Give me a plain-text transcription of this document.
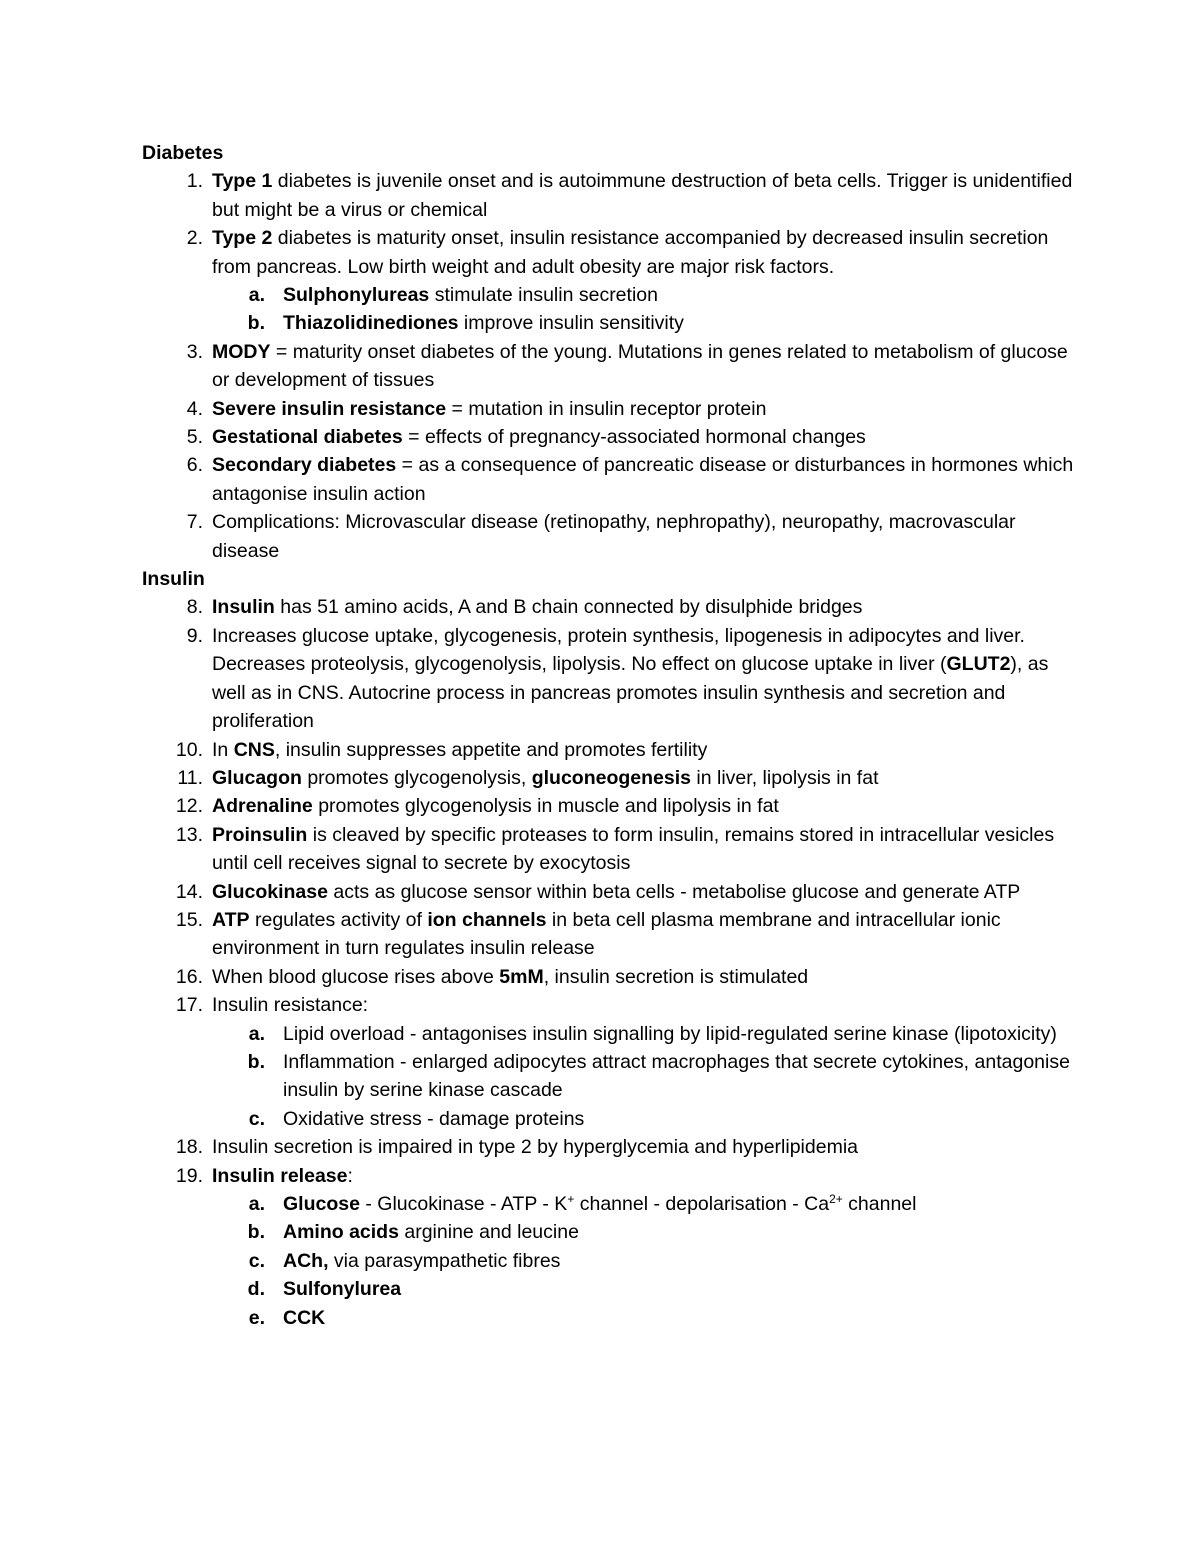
Diabetes
1. Type 1 diabetes is juvenile onset and is autoimmune destruction of beta cells. Trigger is unidentified but might be a virus or chemical
2. Type 2 diabetes is maturity onset, insulin resistance accompanied by decreased insulin secretion from pancreas. Low birth weight and adult obesity are major risk factors.
a. Sulphonylureas stimulate insulin secretion
b. Thiazolidinediones improve insulin sensitivity
3. MODY = maturity onset diabetes of the young. Mutations in genes related to metabolism of glucose or development of tissues
4. Severe insulin resistance = mutation in insulin receptor protein
5. Gestational diabetes = effects of pregnancy-associated hormonal changes
6. Secondary diabetes = as a consequence of pancreatic disease or disturbances in hormones which antagonise insulin action
7. Complications: Microvascular disease (retinopathy, nephropathy), neuropathy, macrovascular disease
Insulin
8. Insulin has 51 amino acids, A and B chain connected by disulphide bridges
9. Increases glucose uptake, glycogenesis, protein synthesis, lipogenesis in adipocytes and liver. Decreases proteolysis, glycogenolysis, lipolysis. No effect on glucose uptake in liver (GLUT2), as well as in CNS. Autocrine process in pancreas promotes insulin synthesis and secretion and proliferation
10. In CNS, insulin suppresses appetite and promotes fertility
11. Glucagon promotes glycogenolysis, gluconeogenesis in liver, lipolysis in fat
12. Adrenaline promotes glycogenolysis in muscle and lipolysis in fat
13. Proinsulin is cleaved by specific proteases to form insulin, remains stored in intracellular vesicles until cell receives signal to secrete by exocytosis
14. Glucokinase acts as glucose sensor within beta cells - metabolise glucose and generate ATP
15. ATP regulates activity of ion channels in beta cell plasma membrane and intracellular ionic environment in turn regulates insulin release
16. When blood glucose rises above 5mM, insulin secretion is stimulated
17. Insulin resistance:
a. Lipid overload - antagonises insulin signalling by lipid-regulated serine kinase (lipotoxicity)
b. Inflammation - enlarged adipocytes attract macrophages that secrete cytokines, antagonise insulin by serine kinase cascade
c. Oxidative stress - damage proteins
18. Insulin secretion is impaired in type 2 by hyperglycemia and hyperlipidemia
19. Insulin release:
a. Glucose - Glucokinase - ATP - K+ channel - depolarisation - $Ca^{2+}$ channel
b. Amino acids arginine and leucine
c. ACh, via parasympathetic fibres
d. Sulfonylurea
e. CCK
